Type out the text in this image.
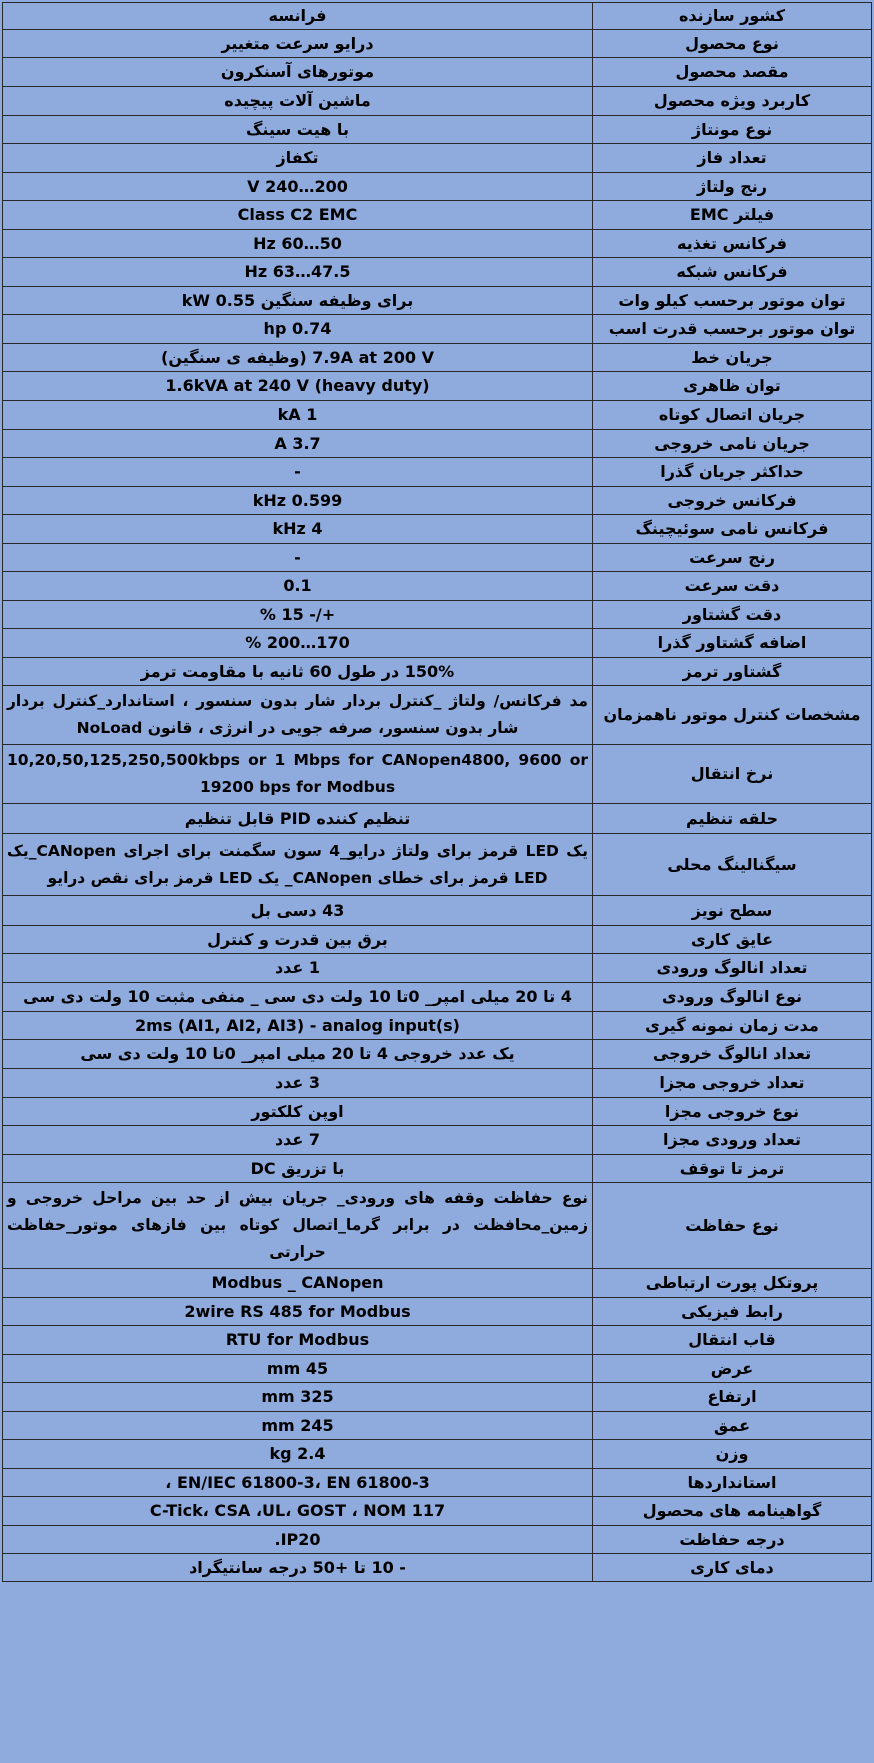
فرانسه	کشور سازنده
درایو سرعت متغییر	نوع محصول
موتورهای آسنکرون	مقصد محصول
ماشین آلات پیچیده	کاربرد ویژه محصول
با هیت سینگ	نوع مونتاژ
تکفاز	تعداد فاز
200…240 V	رنج ولتاژ
Class C2 EMC	فیلتر EMC
50…60 Hz	فرکانس تغذیه
47.5…63 Hz	فرکانس شبکه
برای وظیفه سنگین 0.55 kW	توان موتور برحسب کیلو وات
0.74 hp	توان موتور برحسب قدرت اسب
7.9A at 200 V (وظیفه ی سنگین)	جریان خط
1.6kVA at 240 V (heavy duty)	توان ظاهری
1 kA	جریان اتصال کوتاه
3.7 A	جریان نامی خروجی
-	حداکثر جریان گذرا
0.599 kHz	فرکانس خروجی
4 kHz	فرکانس نامی سوئیچینگ
-	رنج سرعت
0.1	دقت سرعت
+/- 15 %	دقت گشتاور
170…200 %	اضافه گشتاور گذرا
150% در طول 60 ثانیه با مقاومت ترمز	گشتاور ترمز
مد فرکانس/ ولتاژ _کنترل بردار شار بدون سنسور ، استاندارد_کنترل بردار شار بدون سنسور، صرفه جویی در انرژی ، قانون NoLoad	مشخصات کنترل موتور ناهمزمان
10,20,50,125,250,500kbps or 1 Mbps for CANopen4800, 9600 or 19200 bps for Modbus	نرخ انتقال
تنظیم کننده PID قابل تنظیم	حلقه تنظیم
یک LED قرمز برای ولتاژ درایو_4 سون سگمنت برای اجرای CANopen_یک LED قرمز برای خطای CANopen_ یک LED قرمز برای نقص درایو	سیگنالینگ محلی
43 دسی بل	سطح نویز
برق بین قدرت و کنترل	عایق کاری
1 عدد	تعداد انالوگ ورودی
4 تا 20 میلی امپر_ 0تا 10 ولت دی سی _ منفی مثبت 10 ولت دی سی	نوع انالوگ ورودی
2ms (AI1, AI2, AI3) - analog input(s)	مدت زمان نمونه گیری
یک عدد خروجی 4 تا 20 میلی امپر_ 0تا 10 ولت دی سی	تعداد انالوگ خروجی
3 عدد	تعداد خروجی مجزا
اوپن کلکتور	نوع خروجی مجزا
7 عدد	تعداد ورودی مجزا
با تزریق DC	ترمز تا توقف
نوع حفاظت وقفه های ورودی_ جریان بیش از حد بین مراحل خروجی و زمین_محافظت در برابر گرما_اتصال کوتاه بین فازهای موتور_حفاظت حرارتی	نوع حفاظت
Modbus _ CANopen	پروتکل پورت ارتباطی
2wire RS 485 for Modbus	رابط فیزیکی
RTU for Modbus	قاب انتقال
45 mm	عرض
325 mm	ارتفاع
245 mm	عمق
2.4 kg	وزن
EN/IEC 61800-3، EN 61800-3 ،	استانداردها
C-Tick، CSA ،UL، GOST ، NOM 117	گواهینامه های محصول
IP20.	درجه حفاظت
- 10 تا +50 درجه سانتیگراد	دمای کاری
